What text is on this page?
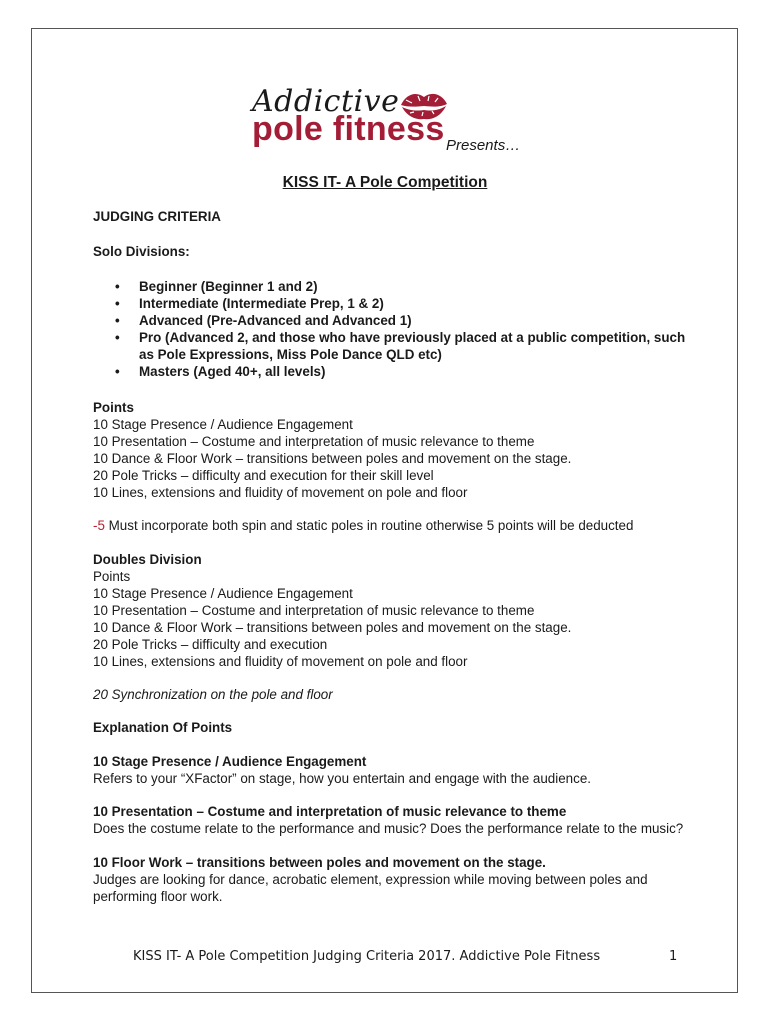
Addictive
pole fitness Presents…
KISS IT- A Pole Competition
JUDGING CRITERIA
Solo Divisions:
• Beginner (Beginner 1 and 2)
• Intermediate (Intermediate Prep, 1 & 2)
• Advanced (Pre-Advanced and Advanced 1)
• Pro (Advanced 2, and those who have previously placed at a public competition, such as Pole Expressions, Miss Pole Dance QLD etc)
• Masters (Aged 40+, all levels)

Points

10 Stage Presence / Audience Engagement

10 Presentation – Costume and interpretation of music relevance to theme

10 Dance & Floor Work – transitions between poles and movement on the stage.

20 Pole Tricks – difficulty and execution for their skill level

10 Lines, extensions and fluidity of movement on pole and floor

-5 Must incorporate both spin and static poles in routine otherwise 5 points will be deducted

Doubles Division

Points

10 Stage Presence / Audience Engagement

10 Presentation – Costume and interpretation of music relevance to theme

10 Dance & Floor Work – transitions between poles and movement on the stage.

20 Pole Tricks – difficulty and execution

10 Lines, extensions and fluidity of movement on pole and floor

20 Synchronization on the pole and floor
Explanation Of Points

10 Stage Presence / Audience Engagement

Refers to your “XFactor” on stage, how you entertain and engage with the audience.

10 Presentation – Costume and interpretation of music relevance to theme

Does the costume relate to the performance and music? Does the performance relate to the music?

10 Floor Work – transitions between poles and movement on the stage.

Judges are looking for dance, acrobatic element, expression while moving between poles and performing floor work.

KISS IT- A Pole Competition Judging Criteria 2017. Addictive Pole Fitness	1
